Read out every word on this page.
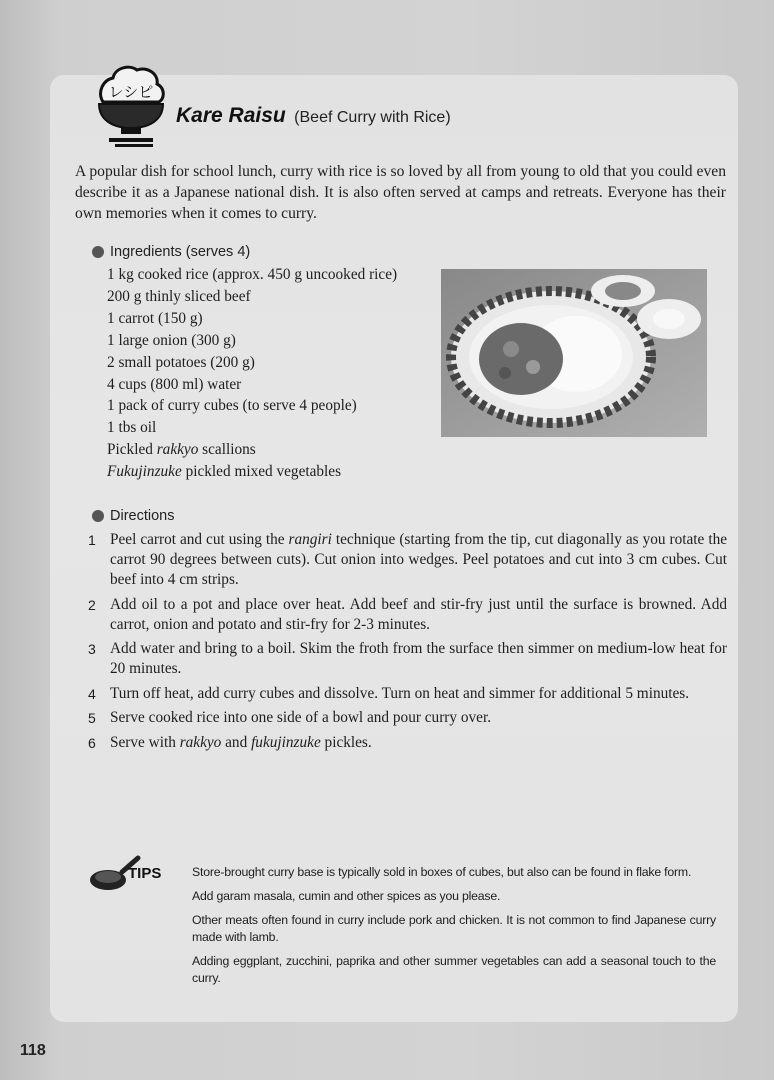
レシピ
Kare Raisu (Beef Curry with Rice)
A popular dish for school lunch, curry with rice is so loved by all from young to old that you could even describe it as a Japanese national dish. It is also often served at camps and retreats. Everyone has their own memories when it comes to curry.
Ingredients (serves 4)
1 kg cooked rice (approx. 450 g uncooked rice)
200 g thinly sliced beef
1 carrot (150 g)
1 large onion (300 g)
2 small potatoes (200 g)
4 cups (800 ml) water
1 pack of curry cubes (to serve 4 people)
1 tbs oil
Pickled rakkyo scallions
Fukujinzuke pickled mixed vegetables
Directions
1 Peel carrot and cut using the rangiri technique (starting from the tip, cut diagonally as you rotate the carrot 90 degrees between cuts). Cut onion into wedges. Peel potatoes and cut into 3 cm cubes. Cut beef into 4 cm strips.
2 Add oil to a pot and place over heat. Add beef and stir-fry just until the surface is browned. Add carrot, onion and potato and stir-fry for 2-3 minutes.
3 Add water and bring to a boil. Skim the froth from the surface then simmer on medium-low heat for 20 minutes.
4 Turn off heat, add curry cubes and dissolve. Turn on heat and simmer for additional 5 minutes.
5 Serve cooked rice into one side of a bowl and pour curry over.
6 Serve with rakkyo and fukujinzuke pickles.
TIPS Store-brought curry base is typically sold in boxes of cubes, but also can be found in flake form.

Add garam masala, cumin and other spices as you please.

Other meats often found in curry include pork and chicken. It is not common to find Japanese curry made with lamb.

Adding eggplant, zucchini, paprika and other summer vegetables can add a seasonal touch to the curry.

118
